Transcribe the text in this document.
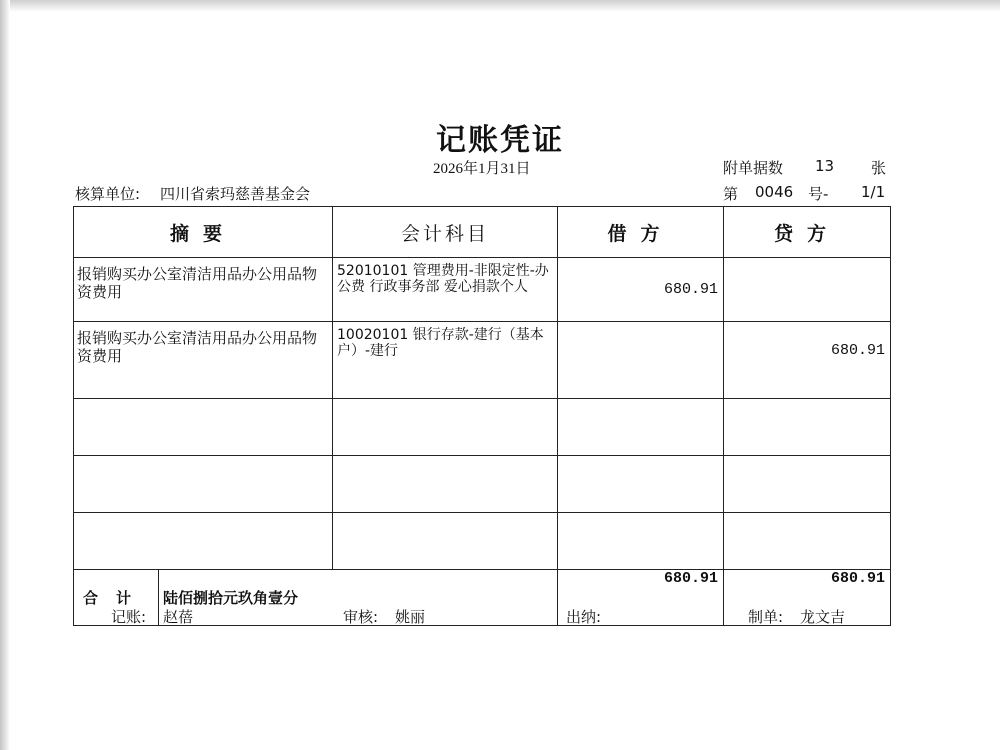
记账凭证
2026年1月31日	附单据数 13 张
核算单位: 四川省索玛慈善基金会	第 0046 号- 1/1
摘要	会计科目	借方	贷方
报销购买办公室清洁用品办公用品物资费用	52010101 管理费用-非限定性-办公费 行政事务部 爱心捐款个人	680.91	
报销购买办公室清洁用品办公用品物资费用	10020101 银行存款-建行（基本户）-建行		680.91

合计 陆佰捌拾元玖角壹分		680.91	680.91
记账: 赵蓓	审核: 姚丽	出纳:	制单: 龙文吉
